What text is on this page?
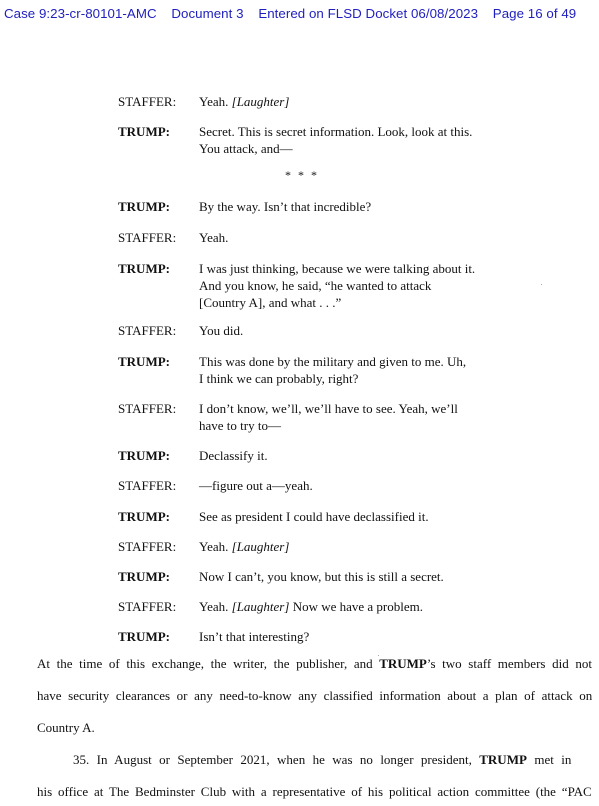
Case 9:23-cr-80101-AMC Document 3 Entered on FLSD Docket 06/08/2023 Page 16 of 49
STAFFER: Yeah. [Laughter]
TRUMP: Secret. This is secret information. Look, look at this.
You attack, and—
TRUMP: By the way. Isn’t that incredible?
STAFFER: Yeah.
TRUMP: I was just thinking, because we were talking about it.
And you know, he said, “he wanted to attack
[Country A], and what . . .”
STAFFER: You did.
TRUMP: This was done by the military and given to me. Uh,
I think we can probably, right?
STAFFER: I don’t know, we’ll, we’ll have to see. Yeah, we’ll
have to try to—
TRUMP: Declassify it.
STAFFER: —figure out a—yeah.
TRUMP: See as president I could have declassified it.
STAFFER: Yeah. [Laughter]
TRUMP: Now I can’t, you know, but this is still a secret.
STAFFER: Yeah. [Laughter] Now we have a problem.
TRUMP: Isn’t that interesting?
* * *
At the time of this exchange, the writer, the publisher, and TRUMP’s two staff members did not
have security clearances or any need-to-know any classified information about a plan of attack on
Country A.
35. In August or September 2021, when he was no longer president, TRUMP met in
his office at The Bedminster Club with a representative of his political action committee (the “PAC
